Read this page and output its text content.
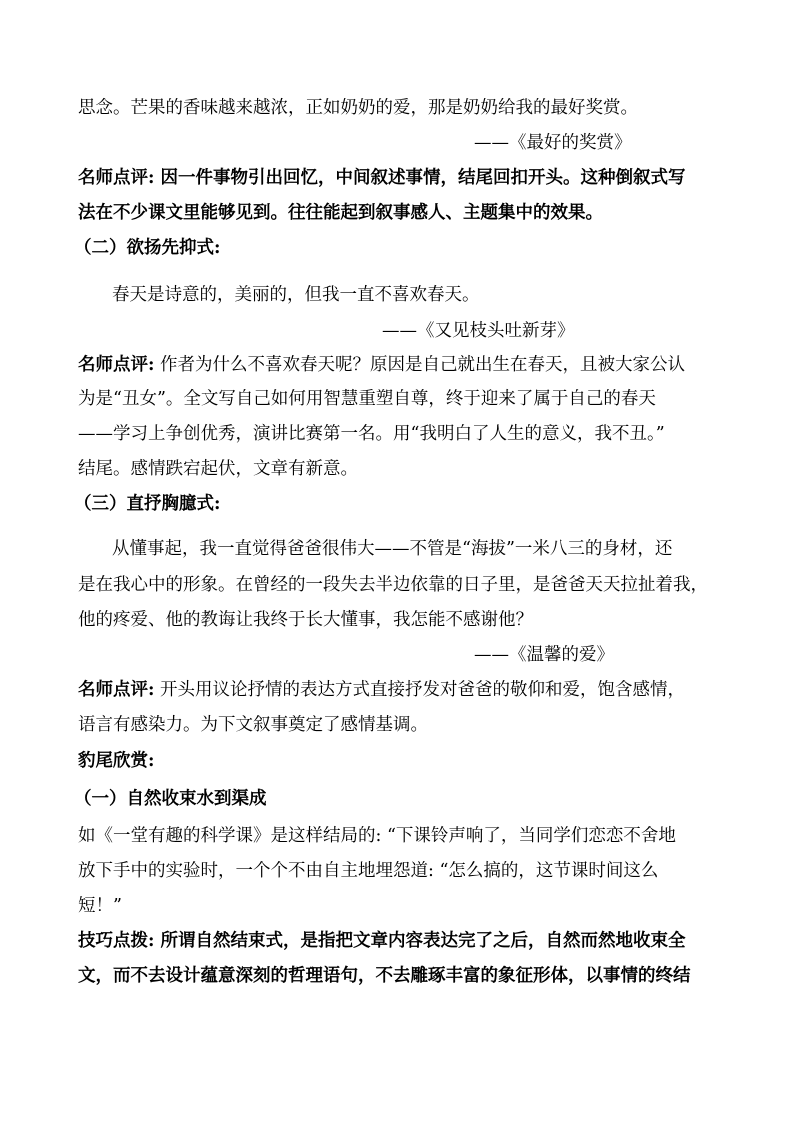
思念。芒果的香味越来越浓，正如奶奶的爱，那是奶奶给我的最好奖赏。
——《最好的奖赏》
名师点评: 因一件事物引出回忆，中间叙述事情，结尾回扣开头。这种倒叙式写
法在不少课文里能够见到。往往能起到叙事感人、主题集中的效果。
（二）欲扬先抑式:
春天是诗意的，美丽的，但我一直不喜欢春天。
——《又见枝头吐新芽》
名师点评: 作者为什么不喜欢春天呢？原因是自己就出生在春天，且被大家公认
为是“丑女”。全文写自己如何用智慧重塑自尊，终于迎来了属于自己的春天
——学习上争创优秀，演讲比赛第一名。用“我明白了人生的意义，我不丑。”
结尾。感情跌宕起伏，文章有新意。
（三）直抒胸臆式:
从懂事起，我一直觉得爸爸很伟大——不管是“海拔”一米八三的身材，还
是在我心中的形象。在曾经的一段失去半边依靠的日子里，是爸爸天天拉扯着我，
他的疼爱、他的教诲让我终于长大懂事，我怎能不感谢他？
——《温馨的爱》
名师点评: 开头用议论抒情的表达方式直接抒发对爸爸的敬仰和爱，饱含感情，
语言有感染力。为下文叙事奠定了感情基调。
豹尾欣赏:
（一）自然收束水到渠成
如《一堂有趣的科学课》是这样结局的: “下课铃声响了，当同学们恋恋不舍地
放下手中的实验时，一个个不由自主地埋怨道: “怎么搞的，这节课时间这么
短！”
技巧点拨: 所谓自然结束式，是指把文章内容表达完了之后，自然而然地收束全
文，而不去设计蕴意深刻的哲理语句，不去雕琢丰富的象征形体，以事情的终结
